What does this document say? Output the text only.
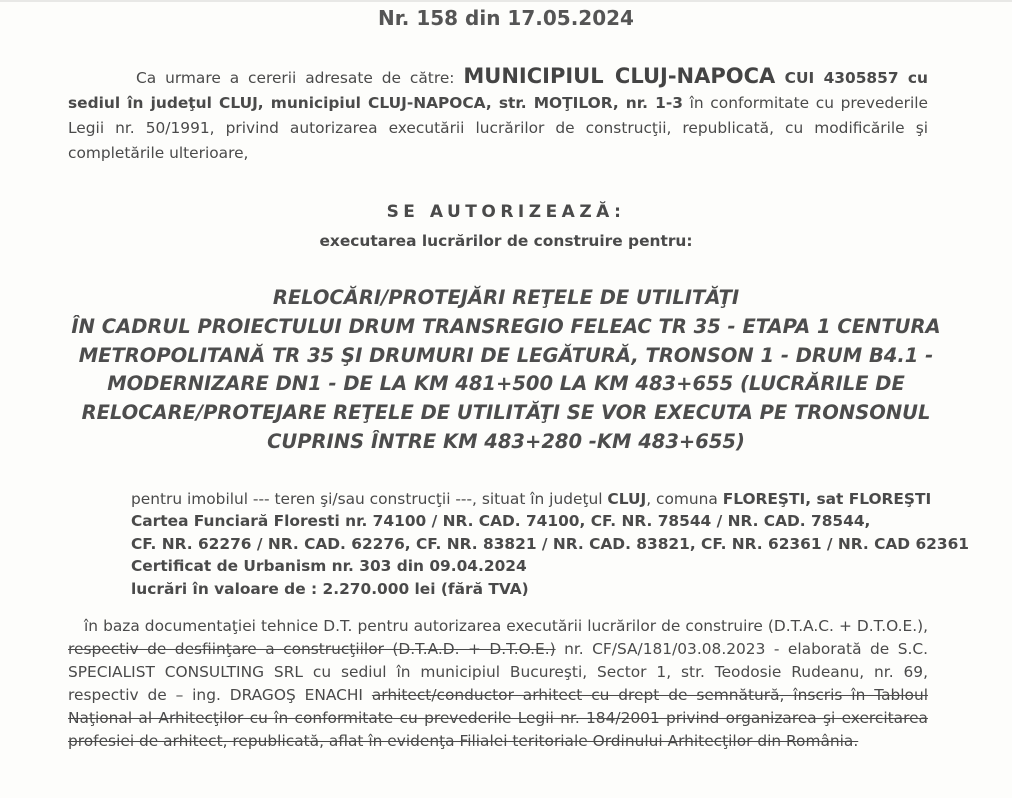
Nr. 158 din 17.05.2024
Ca urmare a cererii adresate de către: MUNICIPIUL CLUJ-NAPOCA CUI 4305857 cu sediul în judeţul CLUJ, municipiul CLUJ-NAPOCA, str. MOŢILOR, nr. 1-3 în conformitate cu prevederile Legii nr. 50/1991, privind autorizarea executării lucrărilor de construcţii, republicată, cu modificările şi completările ulterioare,
SE AUTORIZEAZĂ:
executarea lucrărilor de construire pentru:

RELOCĂRI/PROTEJĂRI REŢELE DE UTILITĂŢI

ÎN CADRUL PROIECTULUI DRUM TRANSREGIO FELEAC TR 35 - ETAPA 1 CENTURA

METROPOLITANĂ TR 35 ŞI DRUMURI DE LEGĂTURĂ, TRONSON 1 - DRUM B4.1 -

MODERNIZARE DN1 - DE LA KM 481+500 LA KM 483+655 (LUCRĂRILE DE

RELOCARE/PROTEJARE REŢELE DE UTILITĂŢI SE VOR EXECUTA PE TRONSONUL

CUPRINS ÎNTRE KM 483+280 -KM 483+655)

pentru imobilul --- teren şi/sau construcţii ---, situat în judeţul CLUJ, comuna FLOREŞTI, sat FLOREŞTI

Cartea Funciară Floresti nr. 74100 / NR. CAD. 74100, CF. NR. 78544 / NR. CAD. 78544,

CF. NR. 62276 / NR. CAD. 62276, CF. NR. 83821 / NR. CAD. 83821, CF. NR. 62361 / NR. CAD 62361

Certificat de Urbanism nr. 303 din 09.04.2024

lucrări în valoare de : 2.270.000 lei (fără TVA)

în baza documentaţiei tehnice D.T. pentru autorizarea executării lucrărilor de construire (D.T.A.C. + D.T.O.E.), respectiv de desfiinţare a construcţiilor (D.T.A.D. + D.T.O.E.) nr. CF/SA/181/03.08.2023 - elaborată de S.C. SPECIALIST CONSULTING SRL cu sediul în municipiul Bucureşti, Sector 1, str. Teodosie Rudeanu, nr. 69, respectiv de – ing. DRAGOŞ ENACHI arhitect/conductor arhitect cu drept de semnătură, înscris în Tabloul Naţional al Arhitecţilor cu în conformitate cu prevederile Legii nr. 184/2001 privind organizarea şi exercitarea profesiei de arhitect, republicată, aflat în evidenţa Filialei teritoriale Ordinului Arhitecţilor din România.
